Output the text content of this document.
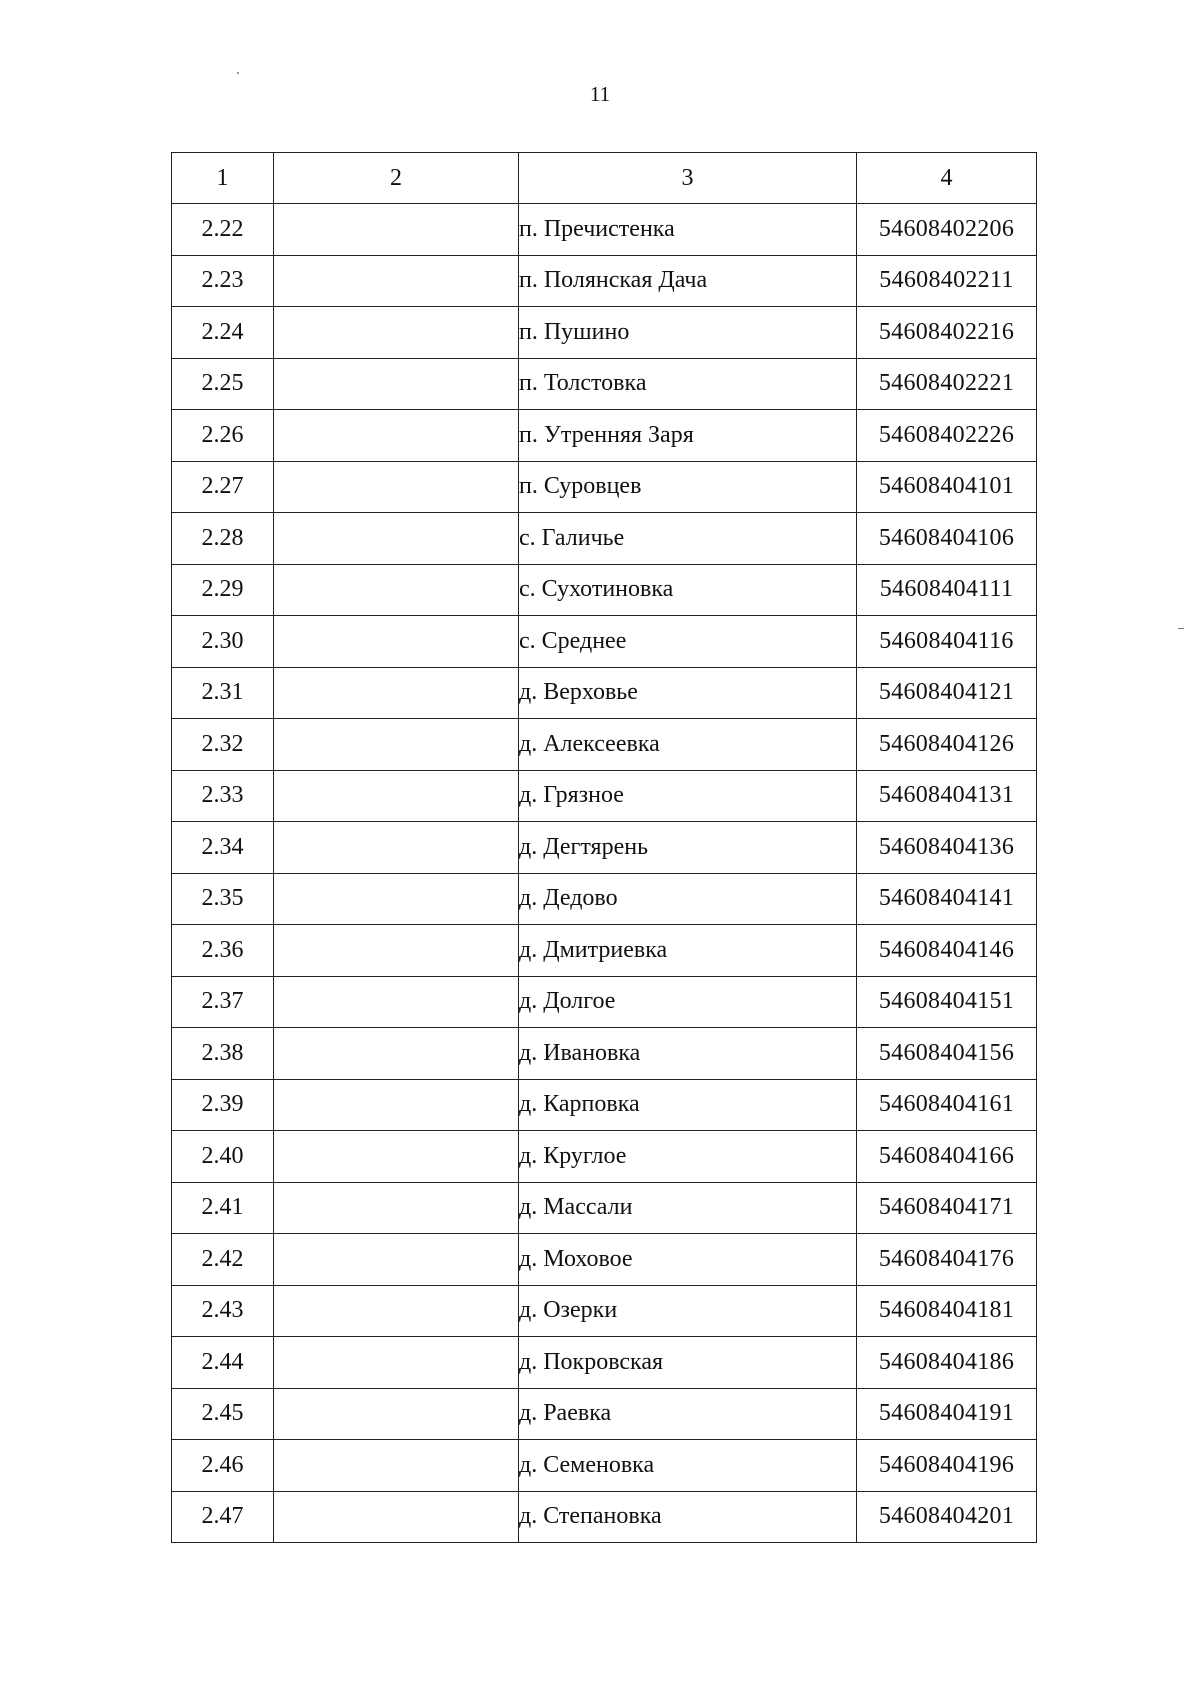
11
1	2	3	4
2.22		п. Пречистенка	54608402206
2.23		п. Полянская Дача	54608402211
2.24		п. Пушино	54608402216
2.25		п. Толстовка	54608402221
2.26		п. Утренняя Заря	54608402226
2.27		п. Суровцев	54608404101
2.28		с. Галичье	54608404106
2.29		с. Сухотиновка	54608404111
2.30		с. Среднее	54608404116
2.31		д. Верховье	54608404121
2.32		д. Алексеевка	54608404126
2.33		д. Грязное	54608404131
2.34		д. Дегтярень	54608404136
2.35		д. Дедово	54608404141
2.36		д. Дмитриевка	54608404146
2.37		д. Долгое	54608404151
2.38		д. Ивановка	54608404156
2.39		д. Карповка	54608404161
2.40		д. Круглое	54608404166
2.41		д. Массали	54608404171
2.42		д. Моховое	54608404176
2.43		д. Озерки	54608404181
2.44		д. Покровская	54608404186
2.45		д. Раевка	54608404191
2.46		д. Семеновка	54608404196
2.47		д. Степановка	54608404201
